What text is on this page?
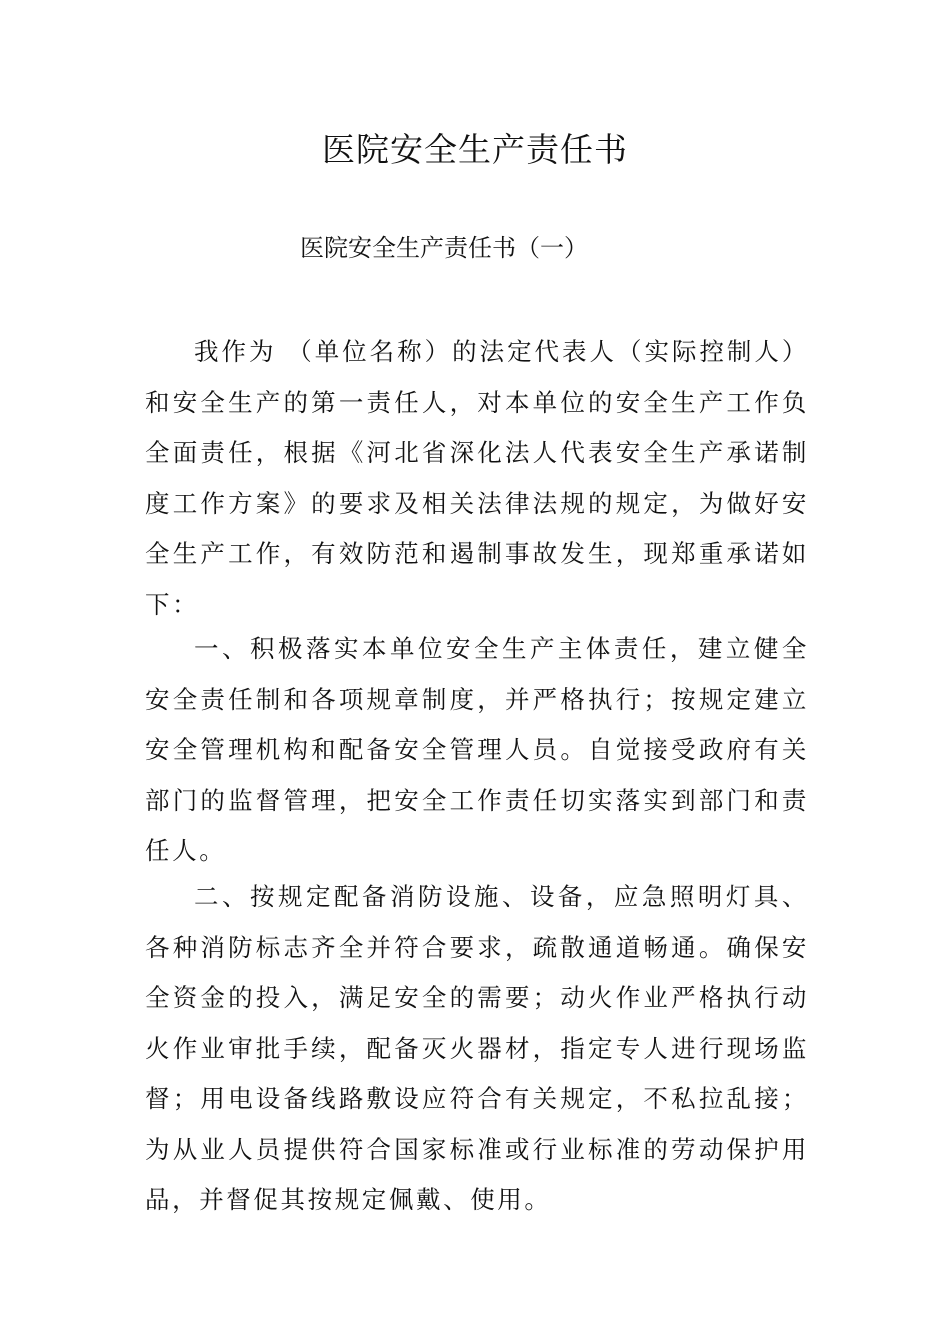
医院安全生产责任书

医院安全生产责任书（一）

我作为 （单位名称）的法定代表人（实际控制人）和安全生产的第一责任人，对本单位的安全生产工作负全面责任，根据《河北省深化法人代表安全生产承诺制度工作方案》的要求及相关法律法规的规定，为做好安全生产工作，有效防范和遏制事故发生，现郑重承诺如下：

一、积极落实本单位安全生产主体责任，建立健全安全责任制和各项规章制度，并严格执行；按规定建立安全管理机构和配备安全管理人员。自觉接受政府有关部门的监督管理，把安全工作责任切实落实到部门和责任人。

二、按规定配备消防设施、设备，应急照明灯具、各种消防标志齐全并符合要求，疏散通道畅通。确保安全资金的投入，满足安全的需要；动火作业严格执行动火作业审批手续，配备灭火器材，指定专人进行现场监督；用电设备线路敷设应符合有关规定，不私拉乱接；为从业人员提供符合国家标准或行业标准的劳动保护用品，并督促其按规定佩戴、使用。
